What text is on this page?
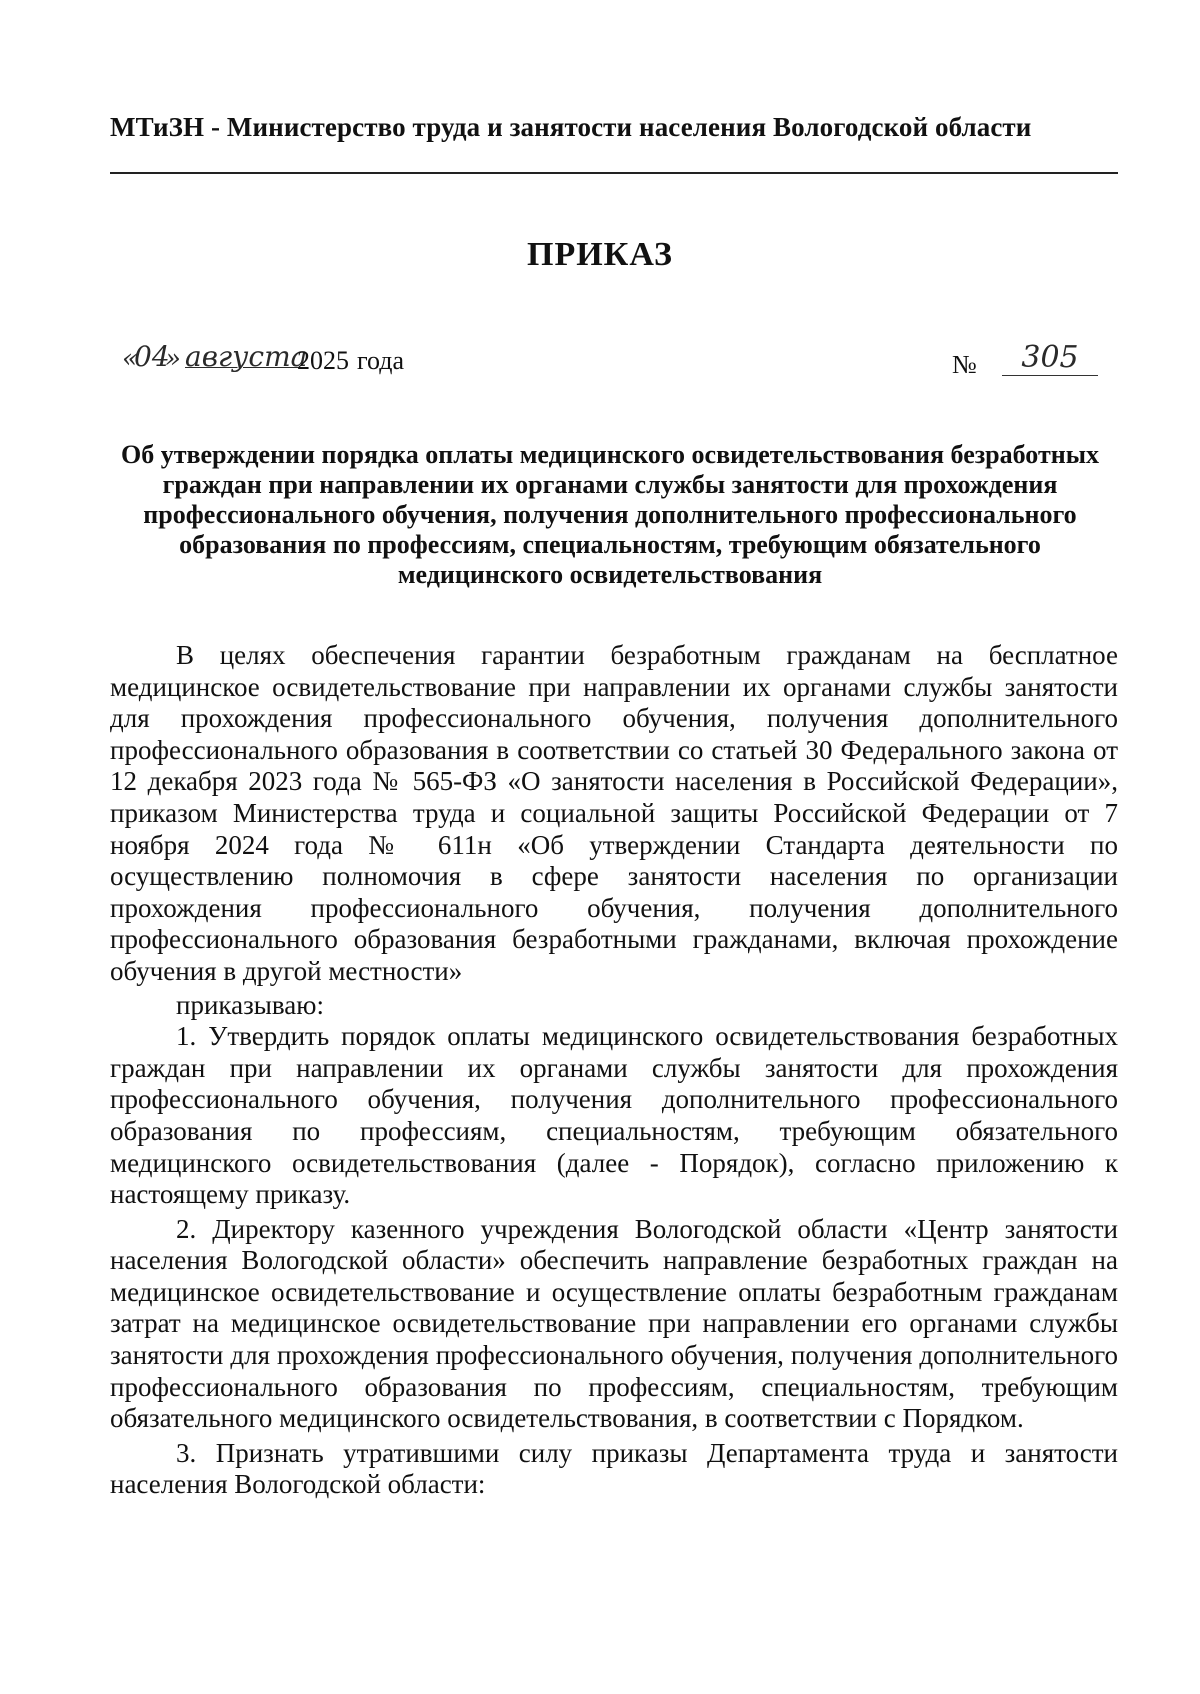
МТиЗН - Министерство труда и занятости населения Вологодской области
ПРИКАЗ
«
04
» августа
2025 года	№	305
Об утверждении порядка оплаты медицинского освидетельствования безработных граждан при направлении их органами службы занятости для прохождения профессионального обучения, получения дополнительного профессионального образования по профессиям, специальностям, требующим обязательного медицинского освидетельствования

В целях обеспечения гарантии безработным гражданам на бесплатное медицинское освидетельствование при направлении их органами службы занятости для прохождения профессионального обучения, получения дополнительного профессионального образования в соответствии со статьей 30 Федерального закона от 12 декабря 2023 года № 565-ФЗ «О занятости населения в Российской Федерации», приказом Министерства труда и социальной защиты Российской Федерации от 7 ноября 2024 года № 611н «Об утверждении Стандарта деятельности по осуществлению полномочия в сфере занятости населения по организации прохождения профессионального обучения, получения дополнительного профессионального образования безработными гражданами, включая прохождение обучения в другой местности»

приказываю:

1. Утвердить порядок оплаты медицинского освидетельствования безработных граждан при направлении их органами службы занятости для прохождения профессионального обучения, получения дополнительного профессионального образования по профессиям, специальностям, требующим обязательного медицинского освидетельствования (далее - Порядок), согласно приложению к настоящему приказу.

2. Директору казенного учреждения Вологодской области «Центр занятости населения Вологодской области» обеспечить направление безработных граждан на медицинское освидетельствование и осуществление оплаты безработным гражданам затрат на медицинское освидетельствование при направлении его органами службы занятости для прохождения профессионального обучения, получения дополнительного профессионального образования по профессиям, специальностям, требующим обязательного медицинского освидетельствования, в соответствии с Порядком.

3. Признать утратившими силу приказы Департамента труда и занятости населения Вологодской области:
